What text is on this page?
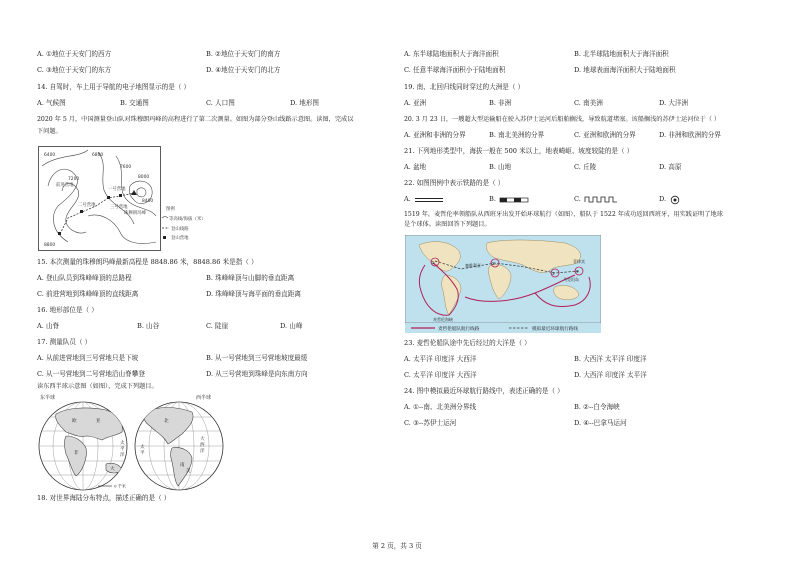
A. ①地位于天安门的西方	B. ②地位于天安门的南方
C. ③地位于天安门的东方	D. ④地位于天安门的北方
14. 自驾时，车上用于导航的电子地图显示的是（ ）
A. 气候图	B. 交通图	C. 人口图	D. 地形图
2020 年 5 月，中国测量登山队对珠穆朗玛峰的高程进行了第二次测量。如图为部分登山线路示意图。读图，完成以
下问题。
6400	6800
7200
7600
8000
8400
8800
前进营地
一号营地
二号营地	三号营地
珠穆朗玛峰
图例
等高线/海拔（米）
登山线路
登山营地
15. 本次测量的珠穆朗玛峰最新高程是 8848.86 米，8848.86 米是指（ ）
A. 登山队员到珠峰峰顶的总路程	B. 珠峰峰顶与山脚的垂直距离
C. 前进营地到珠峰峰顶的直线距离	D. 珠峰峰顶与海平面的垂直距离
16. 地形部位是（ ）
A. 山脊	B. 山谷	C. 陡崖	D. 山峰
17. 测量队员（ ）
A. 从前进营地到三号营地只是下坡	B. 从一号营地到三号营地坡度最缓
C. 从一号营地到二号营地沿山脊攀登	D. 从三号营地到珠峰是向东南方向
读东西半球示意图（如图），完成下列题目。
东半球	西半球
亚
欧
非
大
太
平
洋
北
南
美
大
西
洋
太
平
0 千米
18. 对世界海陆分布特点，描述正确的是（ ）
A. 东半球陆地面积大于海洋面积	B. 北半球陆地面积大于海洋面积
C. 任意半球海洋面积小于陆地面积	D. 地球表面海洋面积大于陆地面积
19. 南、北回归线同时穿过的大洲是（ ）
A. 亚洲	B. 非洲	C. 南美洲	D. 大洋洲
20. 3 月 23 日，一艘超大型运输船在驶入苏伊士运河后船舶搁浅，导致航道堵塞。该船搁浅的苏伊士运河位于（ ）
A. 亚洲和非洲的分界	B. 南北美洲的分界	C. 亚洲和欧洲的分界	D. 非洲和欧洲的分界
21. 下列地形类型中，海拔一般在 500 米以上，地表崎岖、坡度较陡的是（ ）
A. 盆地	B. 山地	C. 丘陵	D. 高原
22. 如图图例中表示铁路的是（ ）
A.	B.	C.	D.
1519 年，麦哲伦率领船队从西班牙出发开始环球航行（如图），船队于 1522 年成功返回西班牙，用实践证明了地球
是个球体。读图回答下列题目。
①	②
③	④
塞维利亚
麦哲伦海峡
菲律宾
马克坦岛
麦哲伦船队航行线路	模拟最近环球航行路线
23. 麦哲伦船队途中先后经过的大洋是（ ）
A. 太平洋 印度洋 大西洋	B. 大西洋 太平洋 印度洋
C. 太平洋 印度洋 大西洋	D. 大西洋 印度洋 太平洋
24. 图中模拟最近环球航行路线中，表述正确的是（ ）
A. ①--南、北美洲分界线	B. ②--白令海峡
C. ③--苏伊士运河	D. ④--巴拿马运河
第 2 页，共 3 页
